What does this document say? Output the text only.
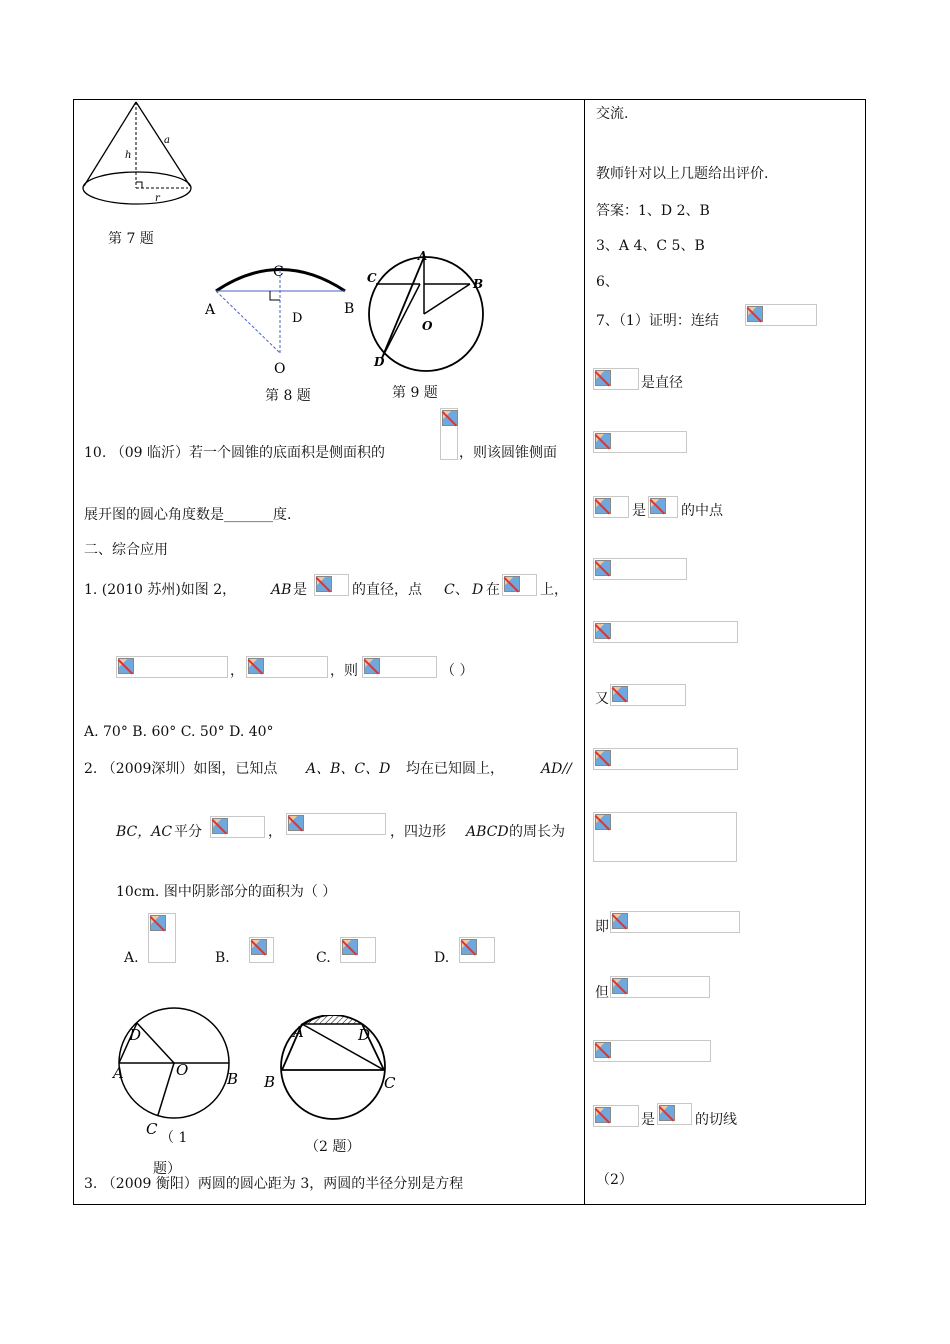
a
h
r
第 7 题
A	B
C
D
O
第 8 题
A
B
C
D
O
第 9 题
10. （09 临沂）若一个圆锥的底面积是侧面积的	，则该圆锥侧面
展开图的圆心角度数是_______度.
二、综合应用
1. (2010 苏州)如图 2， AB 是	的直径，点 C 、 D 在	上，
，	，则	（ ）
A. 70° B. 60° C. 50° D. 40°
2. （2009深圳）如图，已知点 A、B、C、D 均在已知圆上，	AD//
BC，AC 平分	，	，四边形 ABCD 的周长为
10cm. 图中阴影部分的面积为（ ）
A.	B.	C.	D.
D
A	O	B
C （ 1
题）
A	D
B	C
（2 题）
3. （2009 衡阳）两圆的圆心距为 3，两圆的半径分别是方程
交流.
教师针对以上几题给出评价.
答案：1、D 2、B
3、A 4、C 5、B
6、
7、（1）证明：连结
是直径
是	的中点
又
即
但
是	的切线
（2）
